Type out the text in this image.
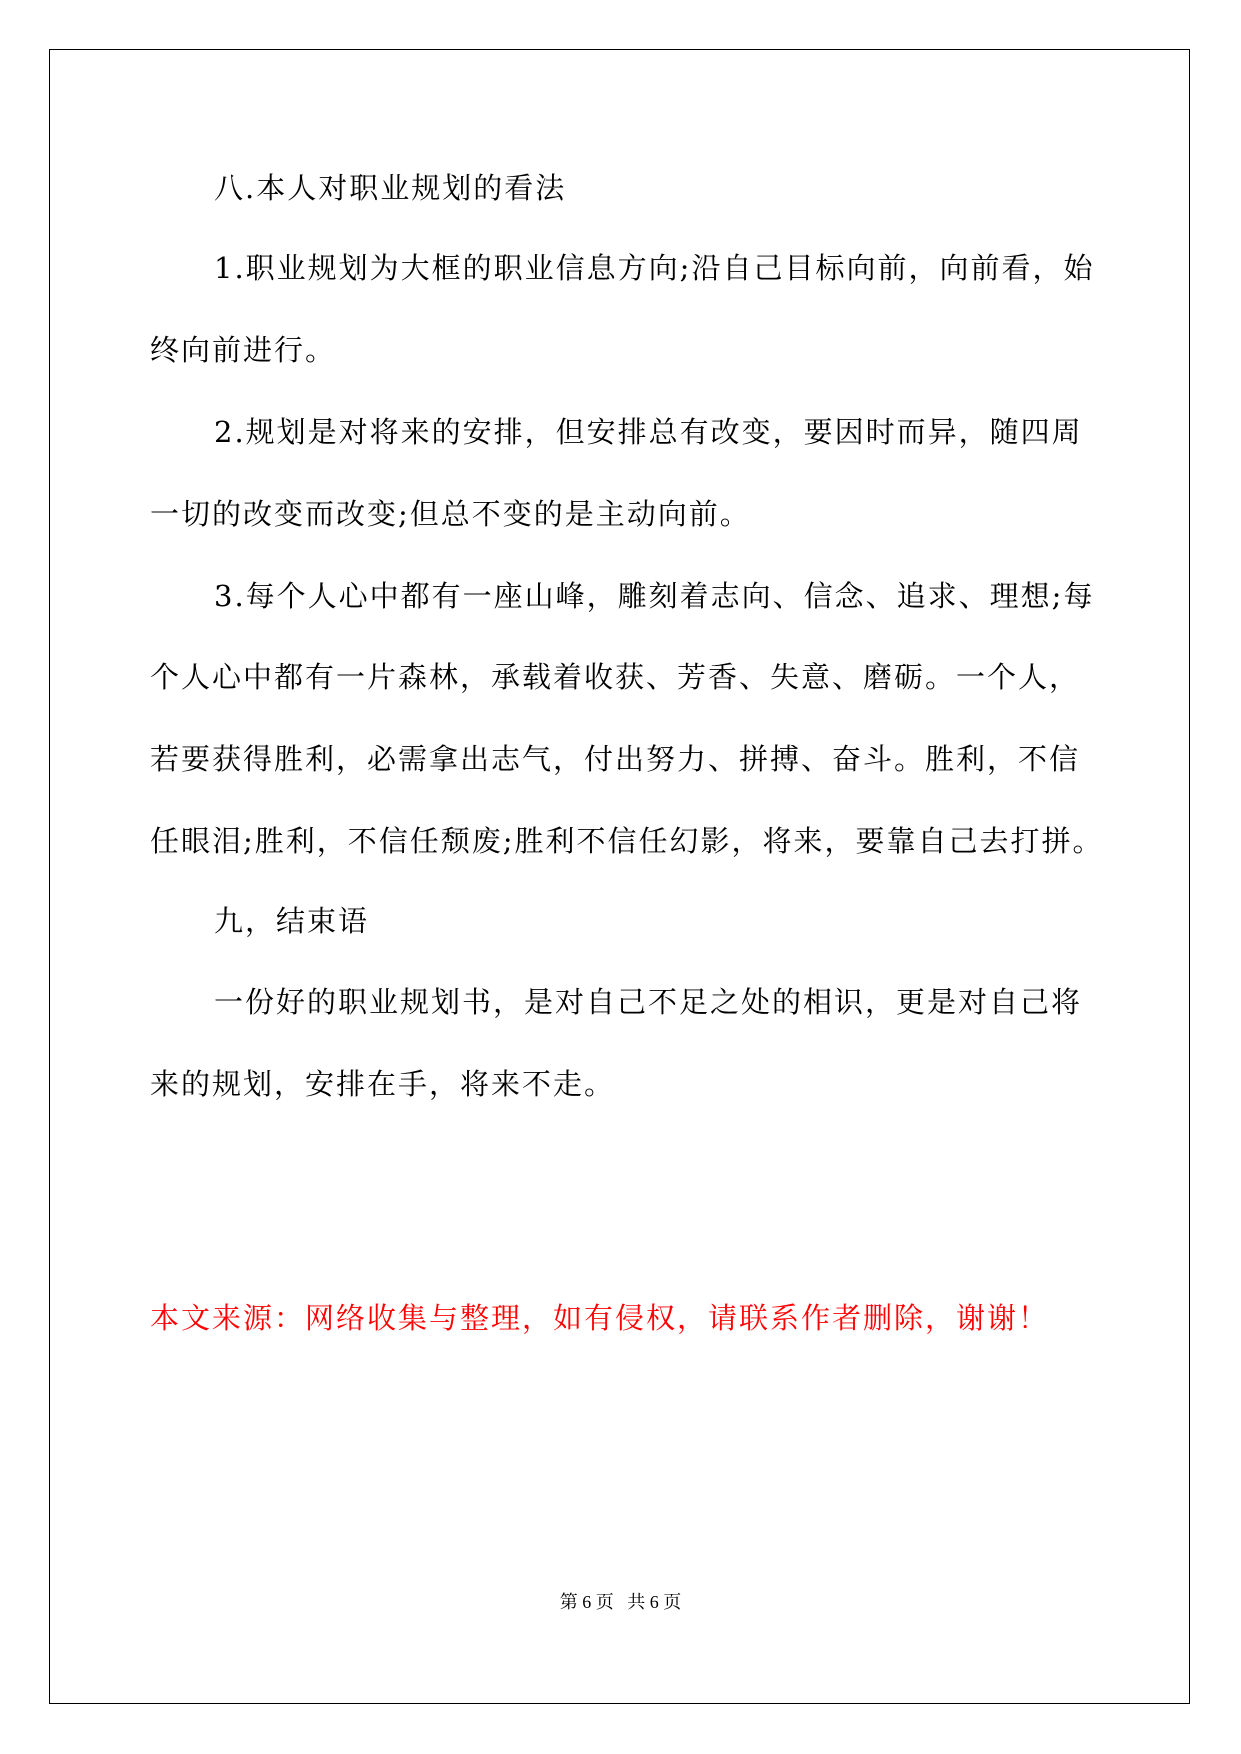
八.本人对职业规划的看法
1.职业规划为大框的职业信息方向;沿自己目标向前，向前看，始
终向前进行。
2.规划是对将来的安排，但安排总有改变，要因时而异，随四周
一切的改变而改变;但总不变的是主动向前。
3.每个人心中都有一座山峰，雕刻着志向、信念、追求、理想;每
个人心中都有一片森林，承载着收获、芳香、失意、磨砺。一个人，
若要获得胜利，必需拿出志气，付出努力、拼搏、奋斗。胜利，不信
任眼泪;胜利，不信任颓废;胜利不信任幻影，将来，要靠自己去打拼。
九，结束语
一份好的职业规划书，是对自己不足之处的相识，更是对自己将
来的规划，安排在手，将来不走。
本文来源：网络收集与整理，如有侵权，请联系作者删除，谢谢！
第 6 页   共 6 页
